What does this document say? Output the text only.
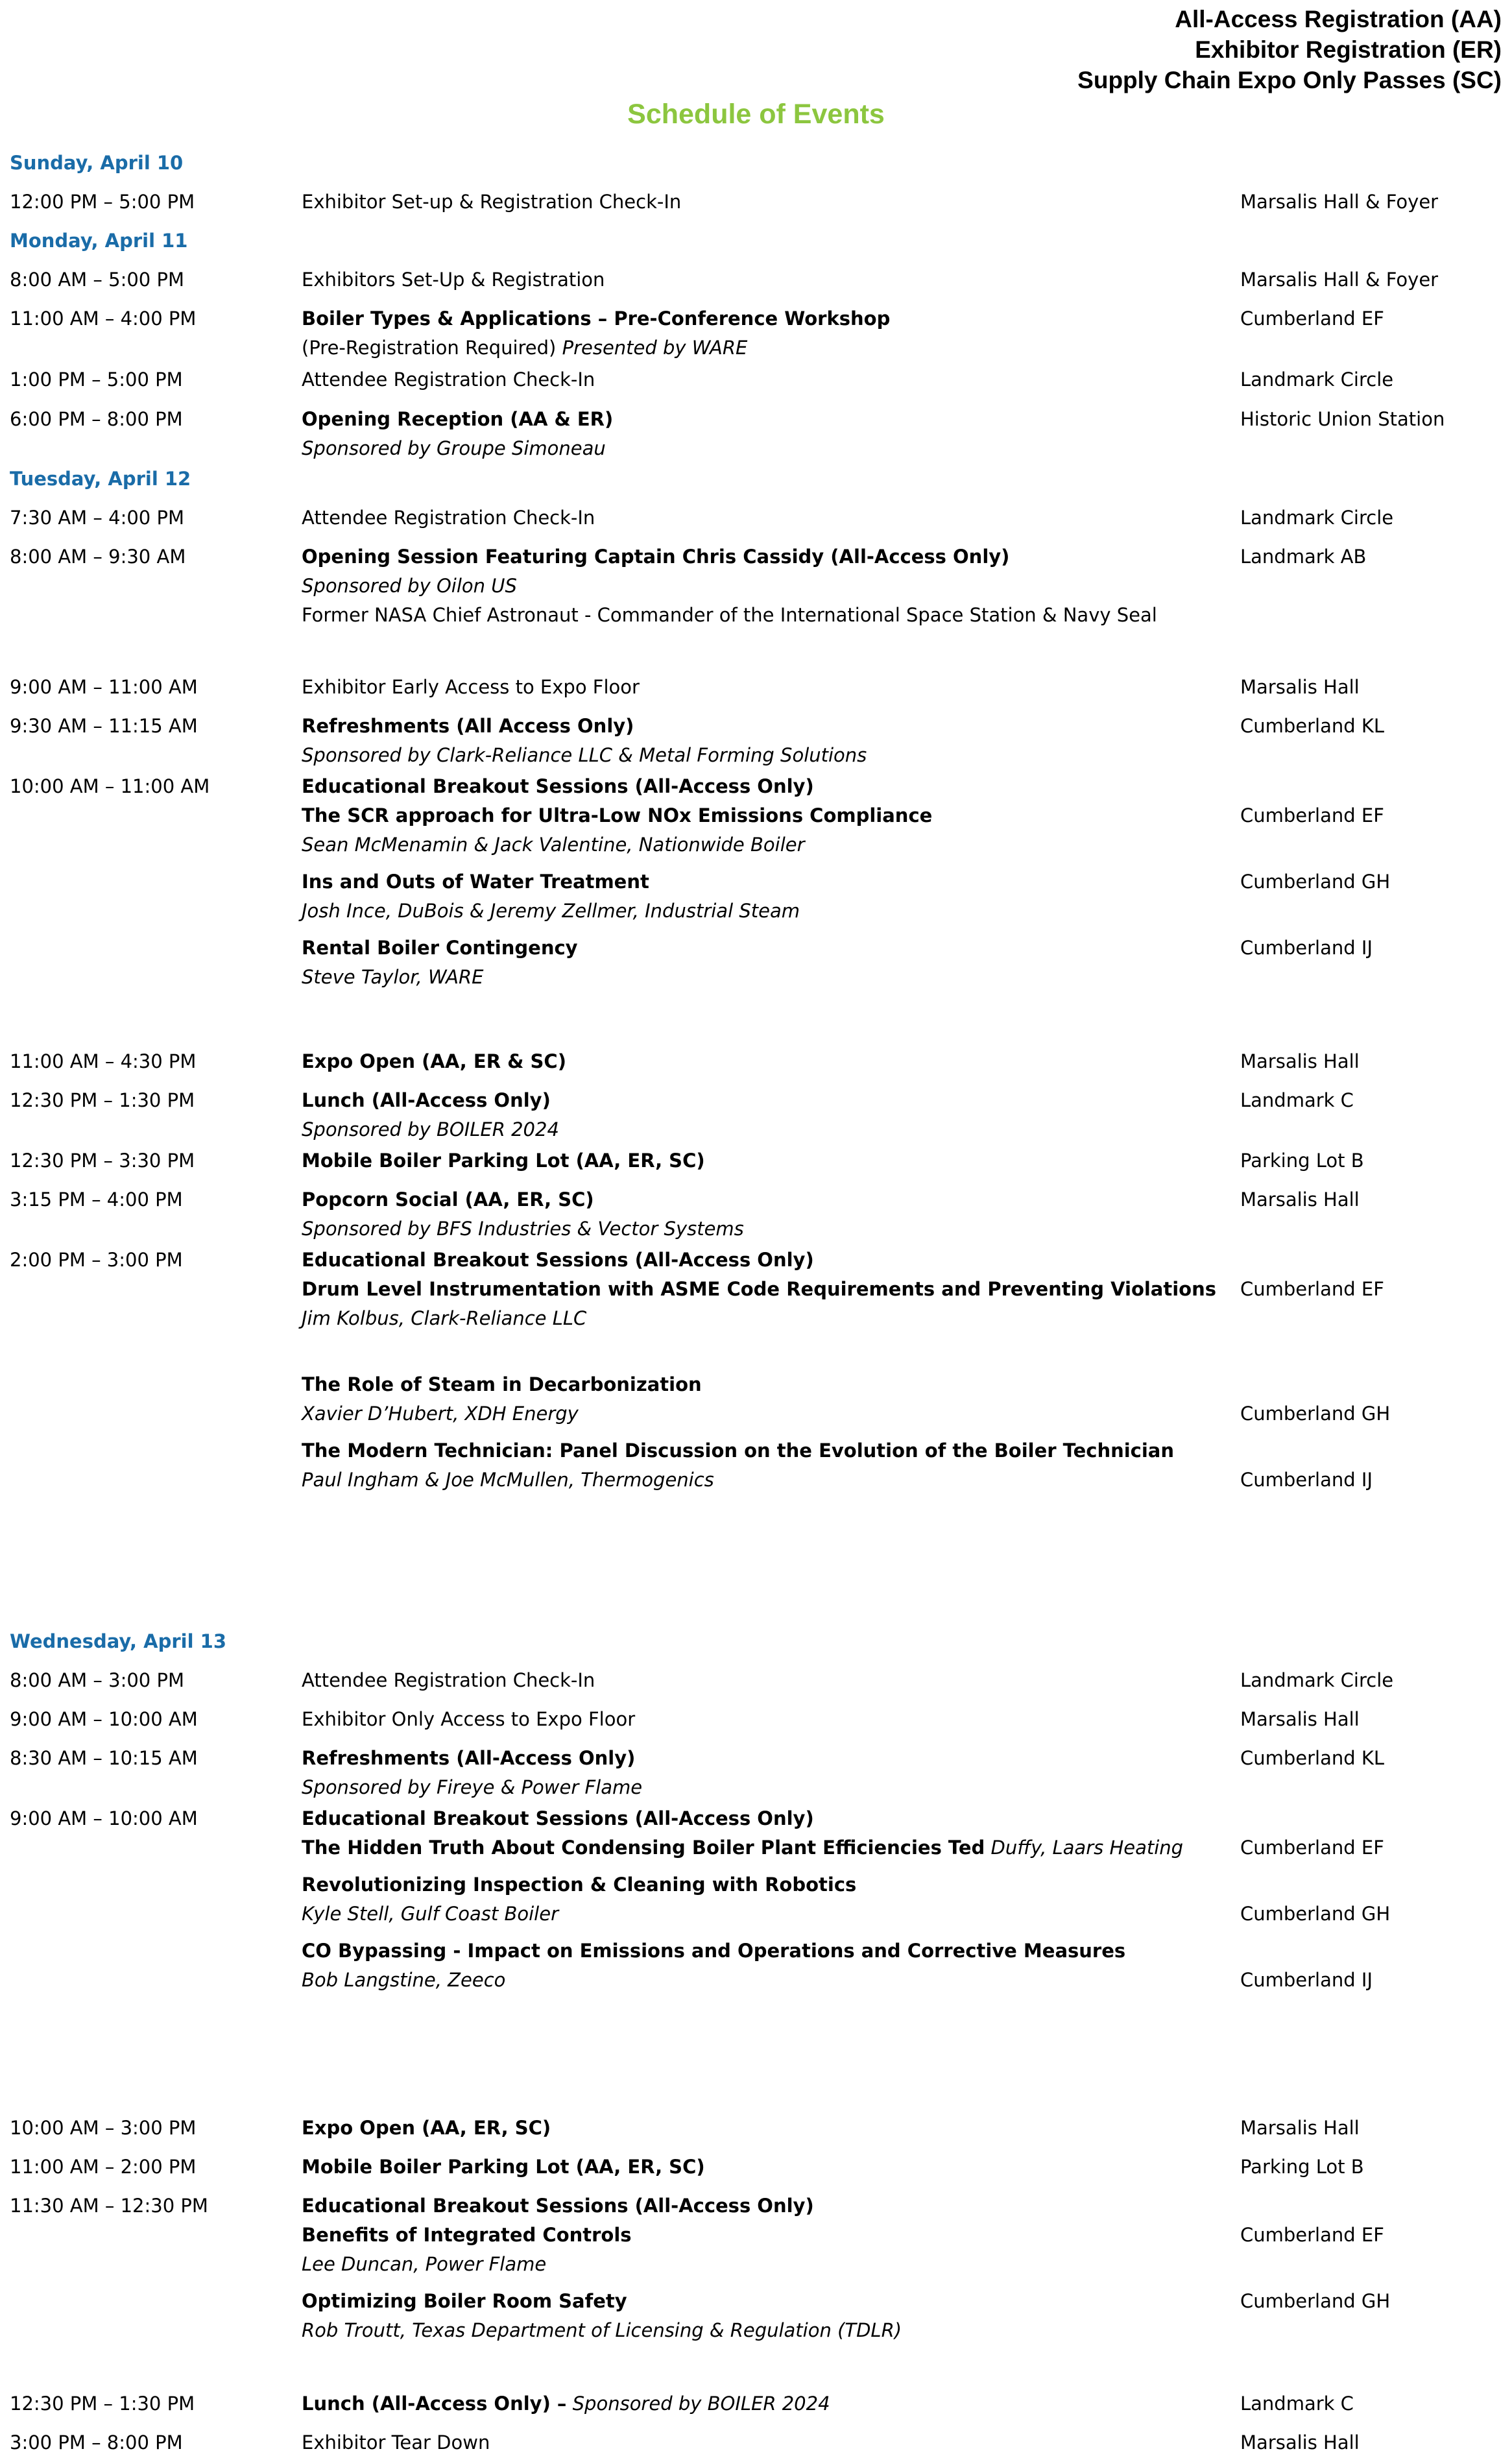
All-Access Registration (AA)
Exhibitor Registration (ER)
Supply Chain Expo Only Passes (SC)
Schedule of Events
Sunday, April 10
Monday, April 11
Tuesday, April 12
Wednesday, April 13
12:00 PM – 5:00 PM
8:00 AM – 5:00 PM
11:00 AM – 4:00 PM
1:00 PM – 5:00 PM
6:00 PM – 8:00 PM
7:30 AM – 4:00 PM
8:00 AM – 9:30 AM
9:00 AM – 11:00 AM
9:30 AM – 11:15 AM
10:00 AM – 11:00 AM
11:00 AM – 4:30 PM
12:30 PM – 1:30 PM
12:30 PM – 3:30 PM
3:15 PM – 4:00 PM
2:00 PM – 3:00 PM
8:00 AM – 3:00 PM
9:00 AM – 10:00 AM
8:30 AM – 10:15 AM
9:00 AM – 10:00 AM
10:00 AM – 3:00 PM
11:00 AM – 2:00 PM
11:30 AM – 12:30 PM
12:30 PM – 1:30 PM
3:00 PM – 8:00 PM
Exhibitor Set-up & Registration Check-In
Exhibitors Set-Up & Registration
Boiler Types & Applications – Pre-Conference Workshop
(Pre-Registration Required) Presented by WARE
Attendee Registration Check-In
Opening Reception (AA & ER)
Sponsored by Groupe Simoneau
Attendee Registration Check-In
Opening Session Featuring Captain Chris Cassidy (All-Access Only)
Sponsored by Oilon US
Former NASA Chief Astronaut - Commander of the International Space Station & Navy Seal
Exhibitor Early Access to Expo Floor
Refreshments (All Access Only)
Sponsored by Clark-Reliance LLC & Metal Forming Solutions
Educational Breakout Sessions (All-Access Only)
The SCR approach for Ultra-Low NOx Emissions Compliance
Sean McMenamin & Jack Valentine, Nationwide Boiler
Ins and Outs of Water Treatment
Josh Ince, DuBois & Jeremy Zellmer, Industrial Steam
Rental Boiler Contingency
Steve Taylor, WARE
Expo Open (AA, ER & SC)
Lunch (All-Access Only)
Sponsored by BOILER 2024
Mobile Boiler Parking Lot (AA, ER, SC)
Popcorn Social (AA, ER, SC)
Sponsored by BFS Industries & Vector Systems
Educational Breakout Sessions (All-Access Only)
Drum Level Instrumentation with ASME Code Requirements and Preventing Violations
Jim Kolbus, Clark-Reliance LLC
The Role of Steam in Decarbonization
Xavier D’Hubert, XDH Energy
The Modern Technician: Panel Discussion on the Evolution of the Boiler Technician
Paul Ingham & Joe McMullen, Thermogenics
Attendee Registration Check-In
Exhibitor Only Access to Expo Floor
Refreshments (All-Access Only)
Sponsored by Fireye & Power Flame
Educational Breakout Sessions (All-Access Only)
The Hidden Truth About Condensing Boiler Plant Efficiencies Ted Duffy, Laars Heating
Revolutionizing Inspection & Cleaning with Robotics
Kyle Stell, Gulf Coast Boiler
CO Bypassing - Impact on Emissions and Operations and Corrective Measures
Bob Langstine, Zeeco
Expo Open (AA, ER, SC)
Mobile Boiler Parking Lot (AA, ER, SC)
Educational Breakout Sessions (All-Access Only)
Benefits of Integrated Controls
Lee Duncan, Power Flame
Optimizing Boiler Room Safety
Rob Troutt, Texas Department of Licensing & Regulation (TDLR)
Lunch (All-Access Only) – Sponsored by BOILER 2024
Exhibitor Tear Down
Marsalis Hall & Foyer
Marsalis Hall & Foyer
Cumberland EF
Landmark Circle
Historic Union Station
Landmark Circle
Landmark AB
Marsalis Hall
Cumberland KL
Cumberland EF
Cumberland GH
Cumberland IJ
Marsalis Hall
Landmark C
Parking Lot B
Marsalis Hall
Cumberland EF
Cumberland GH
Cumberland IJ
Landmark Circle
Marsalis Hall
Cumberland KL
Cumberland EF
Cumberland GH
Cumberland IJ
Marsalis Hall
Parking Lot B
Cumberland EF
Cumberland GH
Landmark C
Marsalis Hall
